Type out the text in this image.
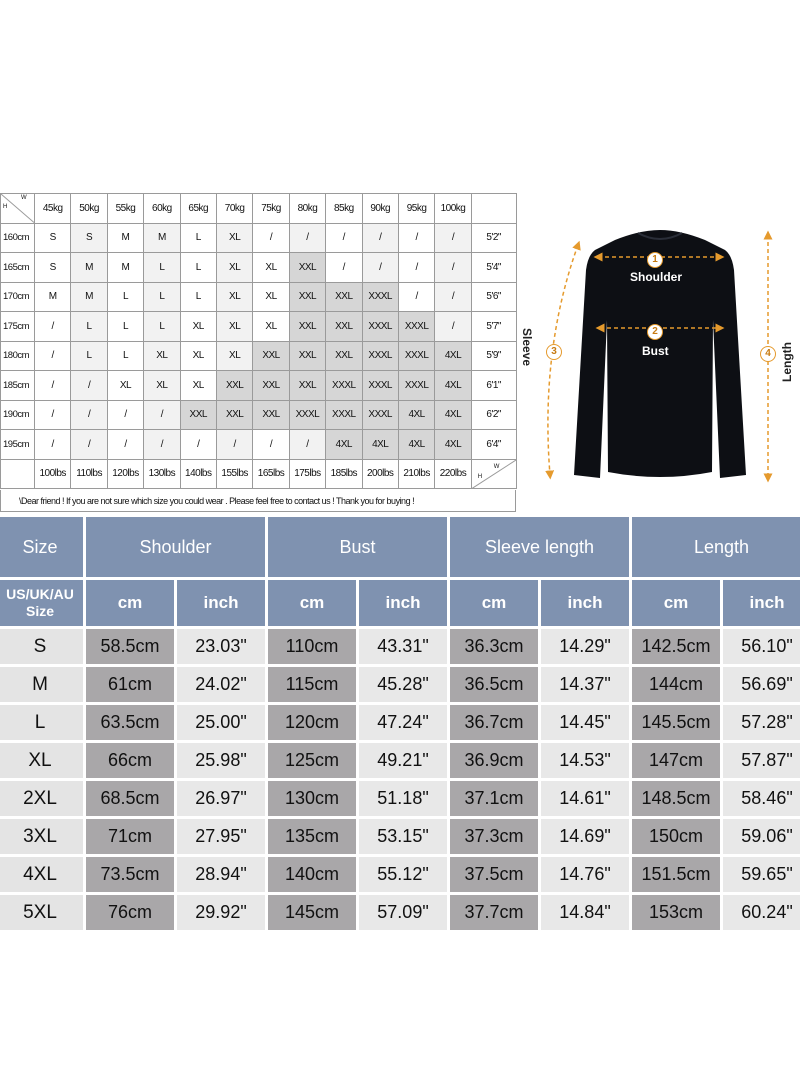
H
W	45kg	50kg	55kg	60kg	65kg	70kg	75kg	80kg	85kg	90kg	95kg	100kg	
160cm	S	S	M	M	L	XL	/	/	/	/	/	/	5'2"
165cm	S	M	M	L	L	XL	XL	XXL	/	/	/	/	5'4"
170cm	M	M	L	L	L	XL	XL	XXL	XXL	XXXL	/	/	5'6"
175cm	/	L	L	L	XL	XL	XL	XXL	XXL	XXXL	XXXL	/	5'7"
180cm	/	L	L	XL	XL	XL	XXL	XXL	XXL	XXXL	XXXL	4XL	5'9"
185cm	/	/	XL	XL	XL	XXL	XXL	XXL	XXXL	XXXL	XXXL	4XL	6'1"
190cm	/	/	/	/	XXL	XXL	XXL	XXXL	XXXL	XXXL	4XL	4XL	6'2"
195cm	/	/	/	/	/	/	/	/	4XL	4XL	4XL	4XL	6'4"
	100lbs	110lbs	120lbs	130lbs	140lbs	155lbs	165lbs	175lbs	185lbs	200lbs	210lbs	220lbs	H
W
\Dear friend ! If you are not sure which size you could wear . Please feel free to contact us ! Thank you for buying !
1
Shoulder
2
Bust
3
Sleeve	4 Length
Size	Shoulder		Bust		Sleeve length		Length	
US/UK/AU Size	cm	inch	cm	inch	cm	inch	cm	inch
S	58.5cm	23.03"	110cm	43.31"	36.3cm	14.29"	142.5cm	56.10"
M	61cm	24.02"	115cm	45.28"	36.5cm	14.37"	144cm	56.69"
L	63.5cm	25.00"	120cm	47.24"	36.7cm	14.45"	145.5cm	57.28"
XL	66cm	25.98"	125cm	49.21"	36.9cm	14.53"	147cm	57.87"
2XL	68.5cm	26.97"	130cm	51.18"	37.1cm	14.61"	148.5cm	58.46"
3XL	71cm	27.95"	135cm	53.15"	37.3cm	14.69"	150cm	59.06"
4XL	73.5cm	28.94"	140cm	55.12"	37.5cm	14.76"	151.5cm	59.65"
5XL	76cm	29.92"	145cm	57.09"	37.7cm	14.84"	153cm	60.24"
